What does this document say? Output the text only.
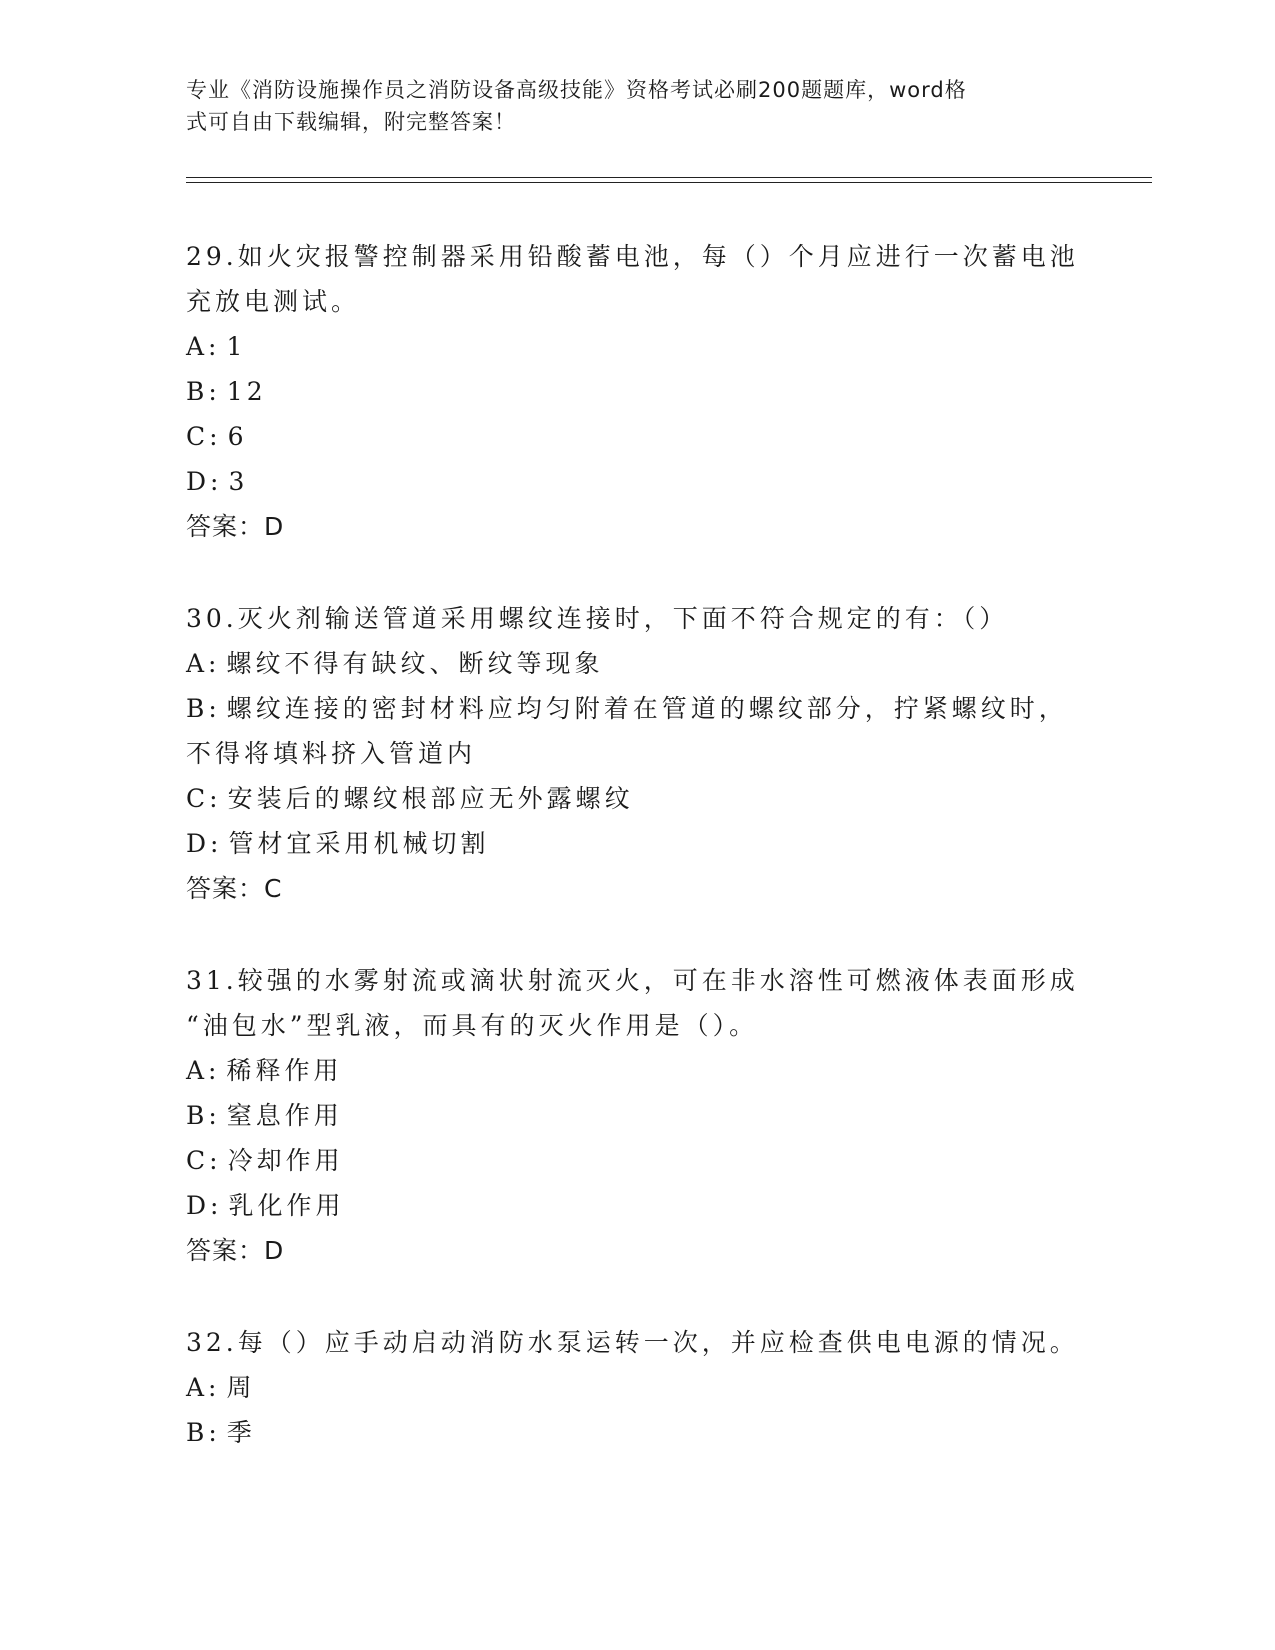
专业《消防设施操作员之消防设备高级技能》资格考试必刷200题题库，word格
式可自由下载编辑，附完整答案！
29.如火灾报警控制器采用铅酸蓄电池，每（）个月应进行一次蓄电池
充放电测试。
A: 1
B: 12
C: 6
D: 3
答案：D
30.灭火剂输送管道采用螺纹连接时，下面不符合规定的有：（）
A: 螺纹不得有缺纹、断纹等现象
B: 螺纹连接的密封材料应均匀附着在管道的螺纹部分，拧紧螺纹时，
不得将填料挤入管道内
C: 安装后的螺纹根部应无外露螺纹
D: 管材宜采用机械切割
答案：C
31.较强的水雾射流或滴状射流灭火，可在非水溶性可燃液体表面形成
“油包水”型乳液，而具有的灭火作用是（）。
A: 稀释作用
B: 窒息作用
C: 冷却作用
D: 乳化作用
答案：D
32.每（）应手动启动消防水泵运转一次，并应检查供电电源的情况。
A: 周
B: 季
